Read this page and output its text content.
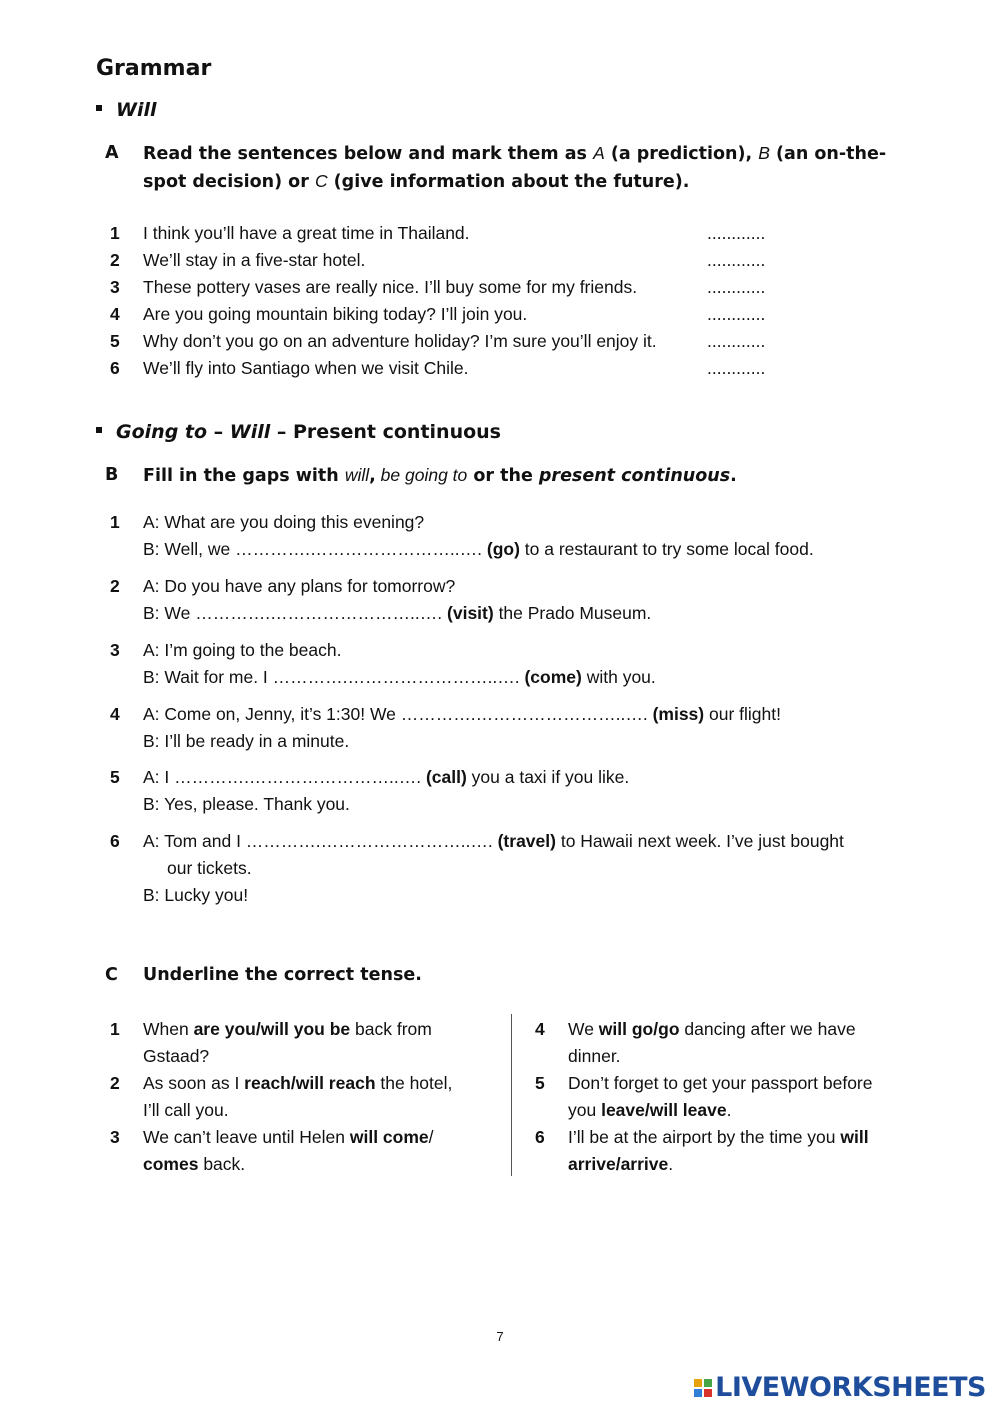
Grammar
Will
A Read the sentences below and mark them as A (a prediction), B (an on-the-spot decision) or C (give information about the future).
1	I think you’ll have a great time in Thailand.	............
2	We’ll stay in a five-star hotel.	............
3	These pottery vases are really nice. I’ll buy some for my friends.	............
4	Are you going mountain biking today? I’ll join you.	............
5	Why don’t you go on an adventure holiday? I’m sure you’ll enjoy it.	............
6	We’ll fly into Santiago when we visit Chile.	............
Going to – Will – Present continuous
B Fill in the gaps with will, be going to or the present continuous.
1	A: What are you doing this evening?
B: Well, we ………….……………………..…. (go) to a restaurant to try some local food.
2	A: Do you have any plans for tomorrow?
B: We ………….……………………..…. (visit) the Prado Museum.
3	A: I’m going to the beach.
B: Wait for me. I ………….……………………..…. (come) with you.
4	A: Come on, Jenny, it’s 1:30! We ………….……………………..…. (miss) our flight!
B: I’ll be ready in a minute.
5	A: I ………….……………………..…. (call) you a taxi if you like.
B: Yes, please. Thank you.
6	A: Tom and I ………….……………………..…. (travel) to Hawaii next week. I’ve just bought
our tickets.
B: Lucky you!
C Underline the correct tense.
1	When are you/will you be back from
Gstaad?
2	As soon as I reach/will reach the hotel,
I’ll call you.
3	We can’t leave until Helen will come/
comes back.
4	We will go/go dancing after we have
dinner.
5	Don’t forget to get your passport before
you leave/will leave.
6	I’ll be at the airport by the time you will
arrive/arrive.
7
LIVEWORKSHEETS
